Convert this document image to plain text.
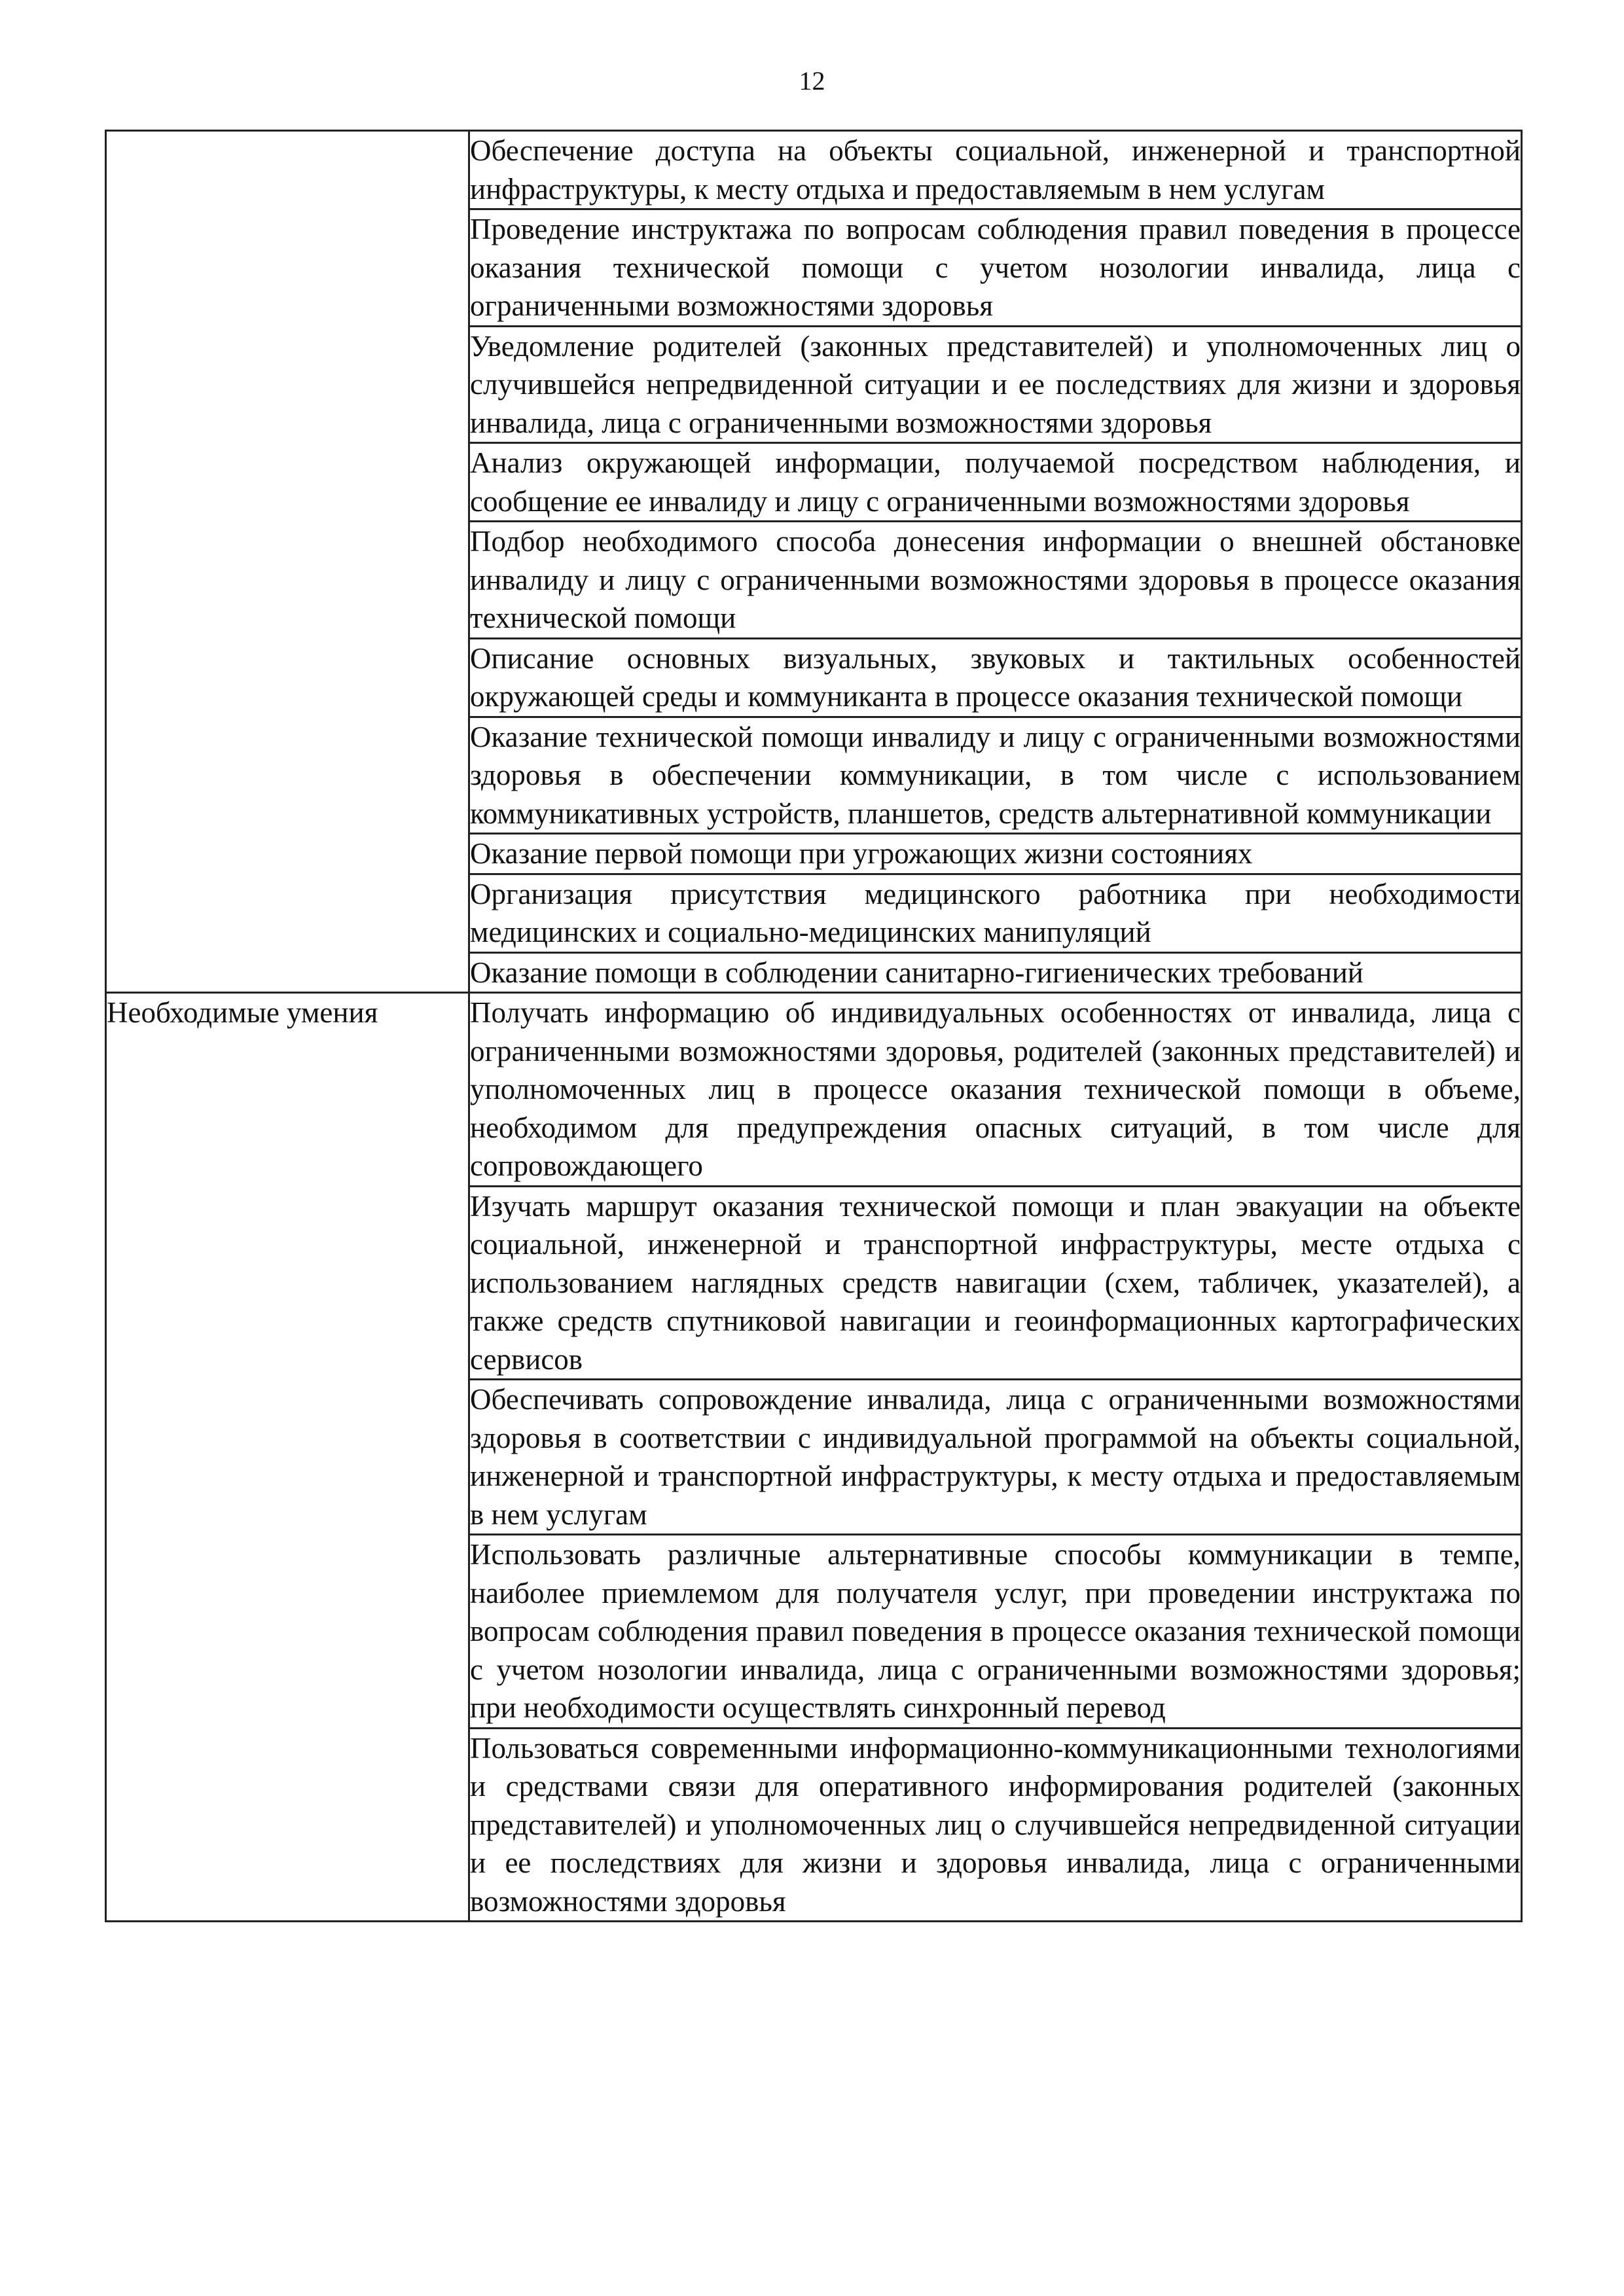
12
	Обеспечение доступа на объекты социальной, инженерной и транспортной инфраструктуры, к месту отдыха и предоставляемым в нем услугам
	Проведение инструктажа по вопросам соблюдения правил поведения в процессе оказания технической помощи с учетом нозологии инвалида, лица с ограниченными возможностями здоровья
	Уведомление родителей (законных представителей) и уполномоченных лиц о случившейся непредвиденной ситуации и ее последствиях для жизни и здоровья инвалида, лица с ограниченными возможностями здоровья
	Анализ окружающей информации, получаемой посредством наблюдения, и сообщение ее инвалиду и лицу с ограниченными возможностями здоровья
	Подбор необходимого способа донесения информации о внешней обстановке инвалиду и лицу с ограниченными возможностями здоровья в процессе оказания технической помощи
	Описание основных визуальных, звуковых и тактильных особенностей окружающей среды и коммуниканта в процессе оказания технической помощи
	Оказание технической помощи инвалиду и лицу с ограниченными возможностями здоровья в обеспечении коммуникации, в том числе с использованием коммуникативных устройств, планшетов, средств альтернативной коммуникации
	Оказание первой помощи при угрожающих жизни состояниях
	Организация присутствия медицинского работника при необходимости медицинских и социально-медицинских манипуляций
	Оказание помощи в соблюдении санитарно-гигиенических требований
Необходимые умения	Получать информацию об индивидуальных особенностях от инвалида, лица с ограниченными возможностями здоровья, родителей (законных представителей) и уполномоченных лиц в процессе оказания технической помощи в объеме, необходимом для предупреждения опасных ситуаций, в том числе для сопровождающего
	Изучать маршрут оказания технической помощи и план эвакуации на объекте социальной, инженерной и транспортной инфраструктуры, месте отдыха с использованием наглядных средств навигации (схем, табличек, указателей), а также средств спутниковой навигации и геоинформационных картографических сервисов
	Обеспечивать сопровождение инвалида, лица с ограниченными возможностями здоровья в соответствии с индивидуальной программой на объекты социальной, инженерной и транспортной инфраструктуры, к месту отдыха и предоставляемым в нем услугам
	Использовать различные альтернативные способы коммуникации в темпе, наиболее приемлемом для получателя услуг, при проведении инструктажа по вопросам соблюдения правил поведения в процессе оказания технической помощи с учетом нозологии инвалида, лица с ограниченными возможностями здоровья; при необходимости осуществлять синхронный перевод
	Пользоваться современными информационно-коммуникационными технологиями и средствами связи для оперативного информирования родителей (законных представителей) и уполномоченных лиц о случившейся непредвиденной ситуации и ее последствиях для жизни и здоровья инвалида, лица с ограниченными возможностями здоровья
